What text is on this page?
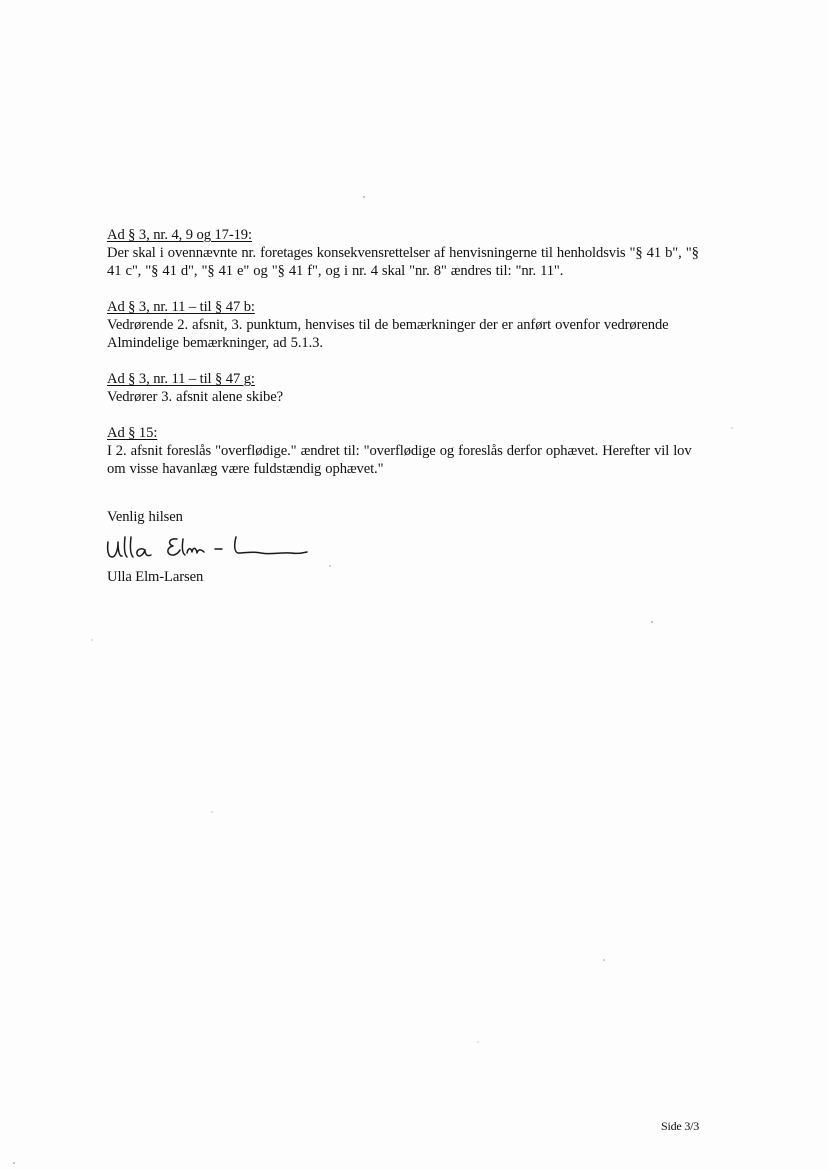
Ad § 3, nr. 4, 9 og 17-19:
Der skal i ovennævnte nr. foretages konsekvensrettelser af henvisningerne til henholdsvis "§ 41 b", "§ 41 c", "§ 41 d", "§ 41 e" og "§ 41 f", og i nr. 4 skal "nr. 8" ændres til: "nr. 11".
Ad § 3, nr. 11 – til § 47 b:
Vedrørende 2. afsnit, 3. punktum, henvises til de bemærkninger der er anført ovenfor vedrørende Almindelige bemærkninger, ad 5.1.3.
Ad § 3, nr. 11 – til § 47 g:
Vedrører 3. afsnit alene skibe?
Ad § 15:
I 2. afsnit foreslås "overflødige." ændret til: "overflødige og foreslås derfor ophævet. Herefter vil lov om visse havanlæg være fuldstændig ophævet."
Venlig hilsen
Ulla Elm-Larsen
Side 3/3
